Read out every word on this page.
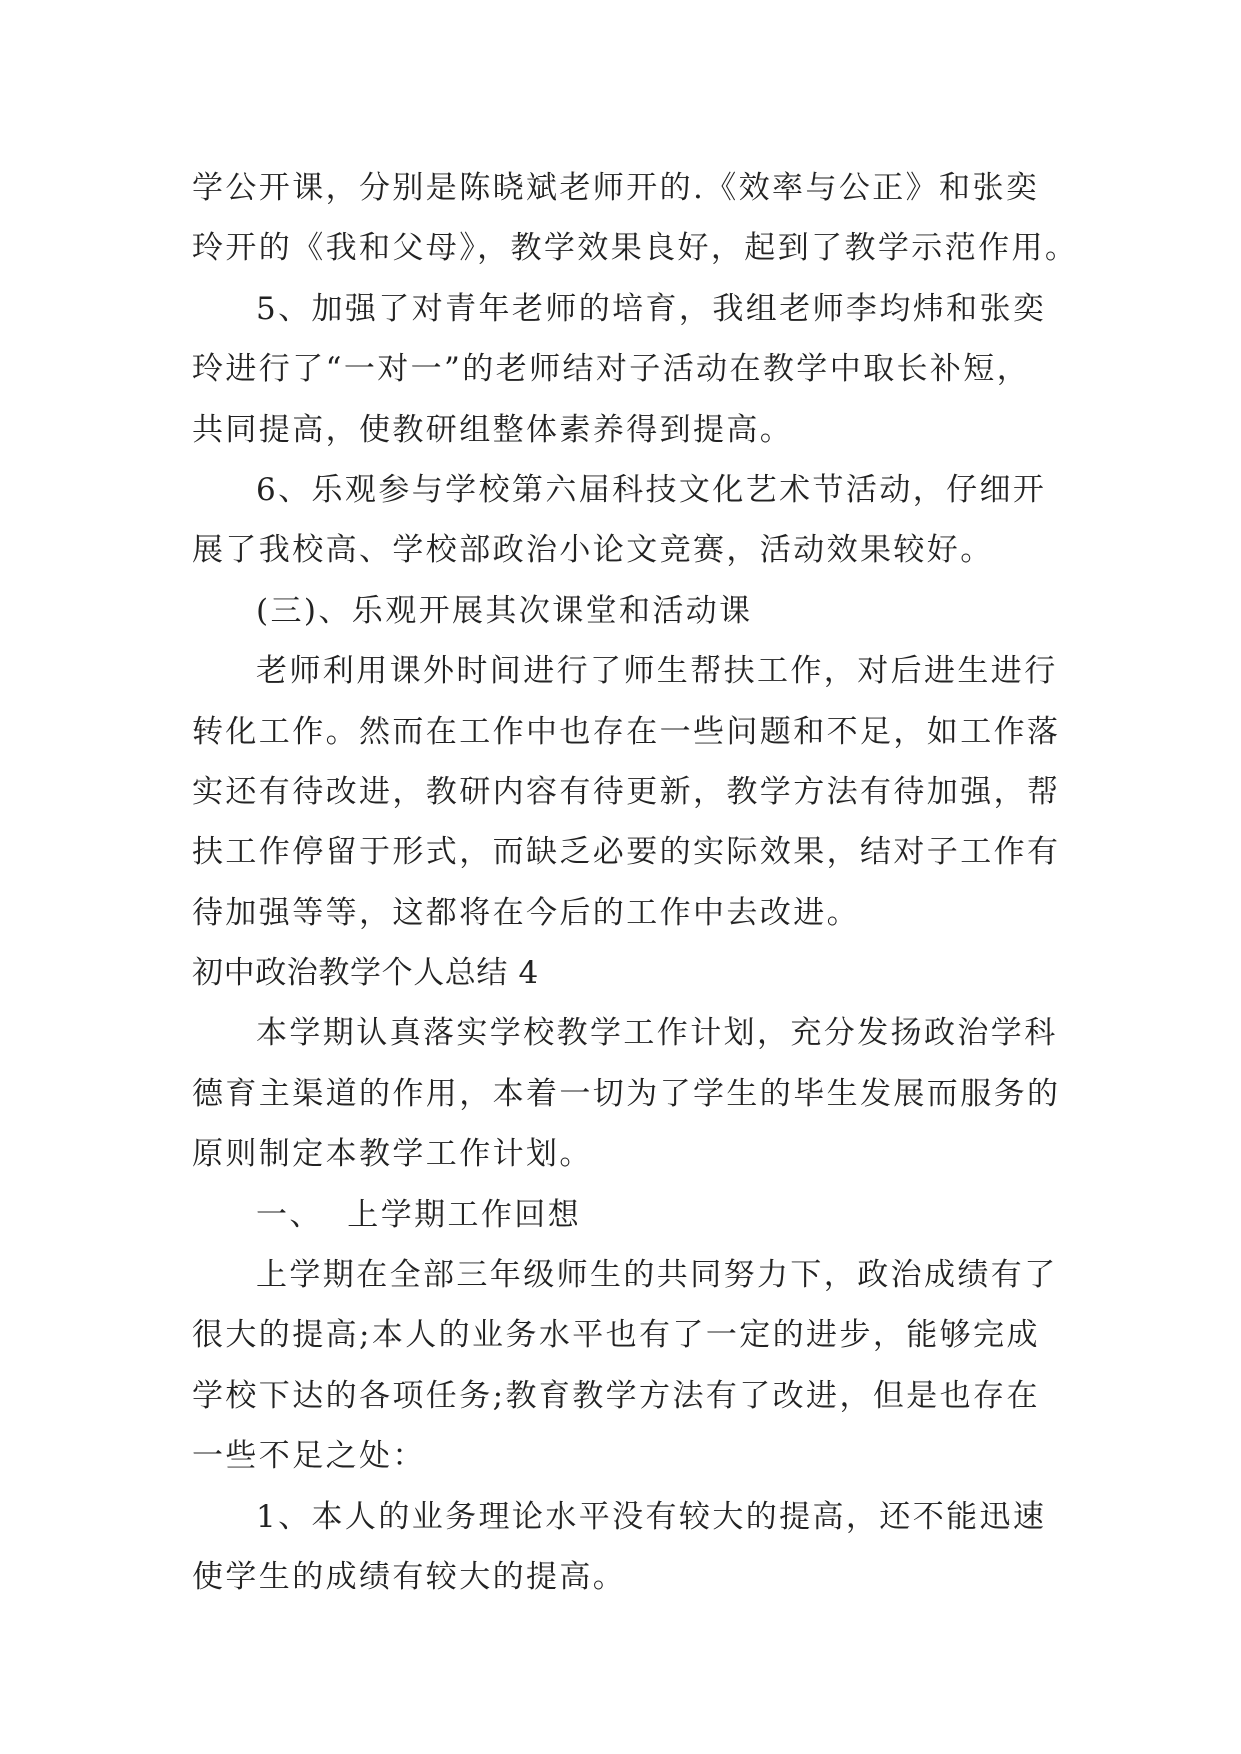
学公开课，分别是陈晓斌老师开的.《效率与公正》和张奕
玲开的《我和父母》，教学效果良好，起到了教学示范作用。
5、加强了对青年老师的培育，我组老师李均炜和张奕
玲进行了“一对一”的老师结对子活动在教学中取长补短，
共同提高，使教研组整体素养得到提高。
6、乐观参与学校第六届科技文化艺术节活动，仔细开
展了我校高、学校部政治小论文竞赛，活动效果较好。
(三)、乐观开展其次课堂和活动课
老师利用课外时间进行了师生帮扶工作，对后进生进行
转化工作。然而在工作中也存在一些问题和不足，如工作落
实还有待改进，教研内容有待更新，教学方法有待加强，帮
扶工作停留于形式，而缺乏必要的实际效果，结对子工作有
待加强等等，这都将在今后的工作中去改进。
初中政治教学个人总结 4
本学期认真落实学校教学工作计划，充分发扬政治学科
德育主渠道的作用，本着一切为了学生的毕生发展而服务的
原则制定本教学工作计划。
一、  上学期工作回想
上学期在全部三年级师生的共同努力下，政治成绩有了
很大的提高;本人的业务水平也有了一定的进步，能够完成
学校下达的各项任务;教育教学方法有了改进，但是也存在
一些不足之处：
1、本人的业务理论水平没有较大的提高，还不能迅速
使学生的成绩有较大的提高。
